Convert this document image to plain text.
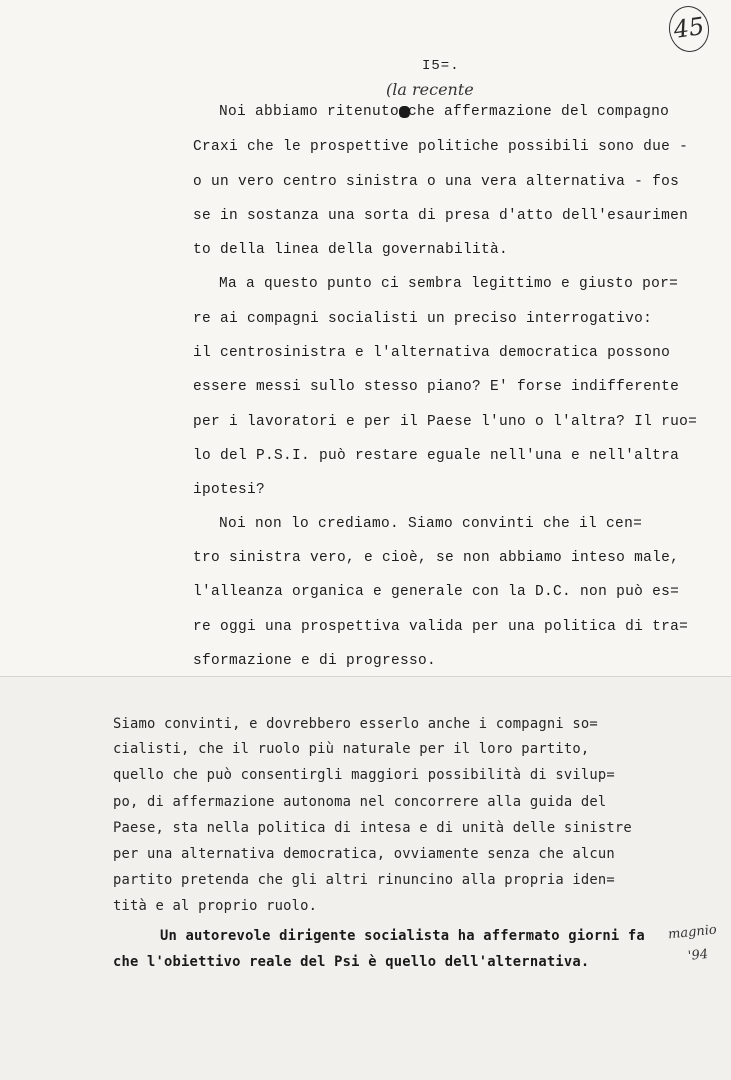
45
I5=.
(la recente
Noi abbiamo ritenuto che affermazione del compagno
Craxi che le prospettive politiche possibili sono due -
o un vero centro sinistra o una vera alternativa - fos
se in sostanza una sorta di presa d'atto dell'esaurimen
to della linea della governabilità.
Ma a questo punto ci sembra legittimo e giusto por=
re ai compagni socialisti un preciso interrogativo:
il centrosinistra e l'alternativa democratica possono
essere messi sullo stesso piano? E' forse indifferente
per i lavoratori e per il Paese l'uno o l'altra? Il ruo=
lo del P.S.I. può restare eguale nell'una e nell'altra
ipotesi?
Noi non lo crediamo. Siamo convinti che il cen=
tro sinistra vero, e cioè, se non abbiamo inteso male,
l'alleanza organica e generale con la D.C. non può es=
re oggi una prospettiva valida per una politica di tra=
sformazione e di progresso.
Siamo convinti, e dovrebbero esserlo anche i compagni so=
cialisti, che il ruolo più naturale per il loro partito,
quello che può consentirgli maggiori possibilità di svilup=
po, di affermazione autonoma nel concorrere alla guida del
Paese, sta nella politica di intesa e di unità delle sinistre
per una alternativa democratica, ovviamente senza che alcun
partito pretenda che gli altri rinuncino alla propria iden=
tità e al proprio ruolo.
Un autorevole dirigente socialista ha affermato giorni fa
che l'obiettivo reale del Psi è quello dell'alternativa.
magnio
'94
